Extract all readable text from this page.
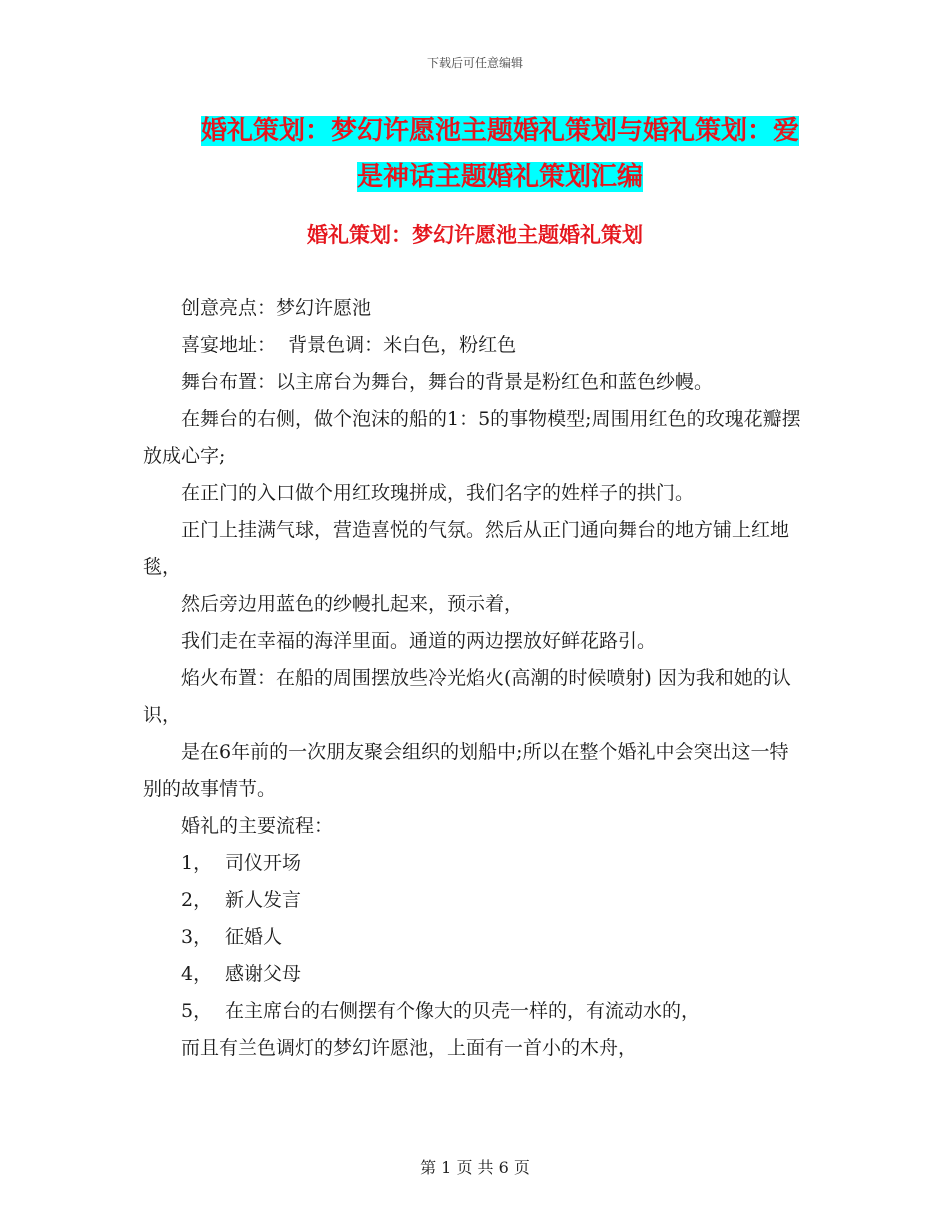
下载后可任意编辑
婚礼策划：梦幻许愿池主题婚礼策划与婚礼策划：爱是神话主题婚礼策划汇编
婚礼策划：梦幻许愿池主题婚礼策划

创意亮点：梦幻许愿池

喜宴地址：  背景色调：米白色，粉红色

舞台布置：以主席台为舞台，舞台的背景是粉红色和蓝色纱幔。

在舞台的右侧，做个泡沫的船的1：5的事物模型;周围用红色的玫瑰花瓣摆放成心字;

在正门的入口做个用红玫瑰拼成，我们名字的姓样子的拱门。

正门上挂满气球，营造喜悦的气氛。然后从正门通向舞台的地方铺上红地毯，

然后旁边用蓝色的纱幔扎起来，预示着，

我们走在幸福的海洋里面。通道的两边摆放好鲜花路引。

焰火布置：在船的周围摆放些冷光焰火(高潮的时候喷射) 因为我和她的认识，

是在6年前的一次朋友聚会组织的划船中;所以在整个婚礼中会突出这一特别的故事情节。

婚礼的主要流程：

1， 司仪开场

2， 新人发言

3， 征婚人

4， 感谢父母

5， 在主席台的右侧摆有个像大的贝壳一样的，有流动水的，

而且有兰色调灯的梦幻许愿池，上面有一首小的木舟，

第 1 页 共 6 页
